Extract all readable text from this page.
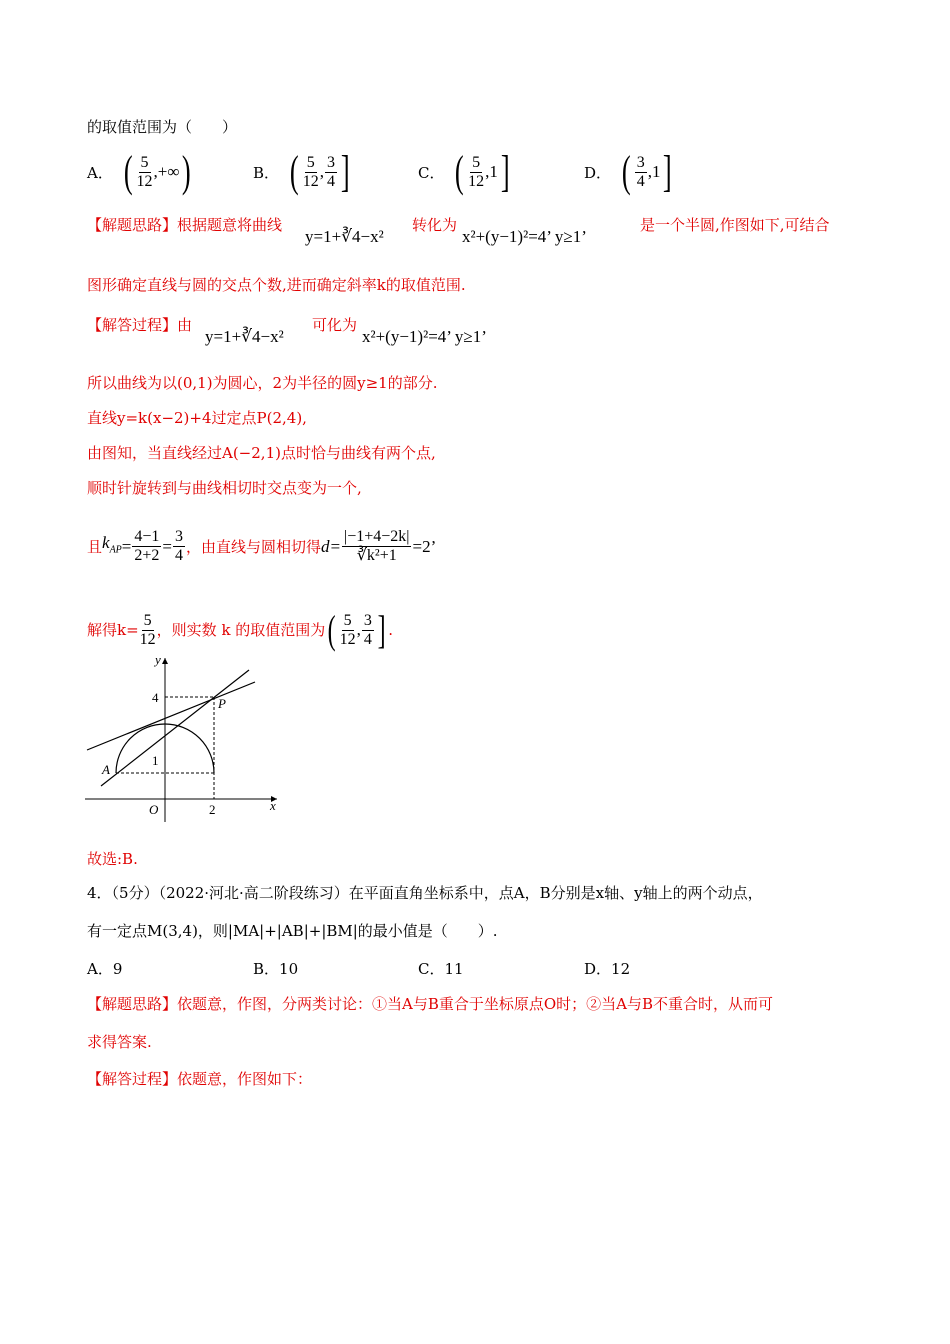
的取值范围为（　　）
A． ( $\frac{5}{12}$ ,+∞ )	B． ( $\frac{5}{12}$ , $\frac{3}{4}$ ]	C． ( $\frac{5}{12} ,1$ ]	D． ( $\frac{3}{4} ,1$ ]
【解题思路】根据题意将曲线
y=1+∛4−x²
转化为
x²+(y−1)²=4’ y≥1’
是一个半圆,作图如下,可结合
图形确定直线与圆的交点个数,进而确定斜率k的取值范围.
【解答过程】由
y=1+∛4−x²
可化为
x²+(y−1)²=4’ y≥1’
所以曲线为以(0,1)为圆心，2为半径的圆y≥1的部分.
直线y=k(x−2)+4过定点P(2,4),
由图知，当直线经过A(−2,1)点时恰与曲线有两个点,
顺时针旋转到与曲线相切时交点变为一个,
且 $k_{AP} = \frac{4-1}{2+2} = \frac{3}{4}$ ，由直线与圆相切得 $d= \frac{|-1+4-2k|}{\text{∛k²+1}} =2$’
解得$k= \frac{5}{12}$ ，则实数 k 的取值范围为 ( $\frac{5}{12}$ , $\frac{3}{4}$ ] .
y
x
O
4
1
2
A
P
故选:B.
4．（5分）（2022·河北·高二阶段练习）在平面直角坐标系中，点A，B分别是x轴、y轴上的两个动点，
有一定点M(3,4)，则|MA|+|AB|+|BM|的最小值是（　　）.
A．9	B．10	C．11	D．12
【解题思路】依题意，作图，分两类讨论：①当A与B重合于坐标原点O时；②当A与B不重合时，从而可
求得答案.
【解答过程】依题意，作图如下：
